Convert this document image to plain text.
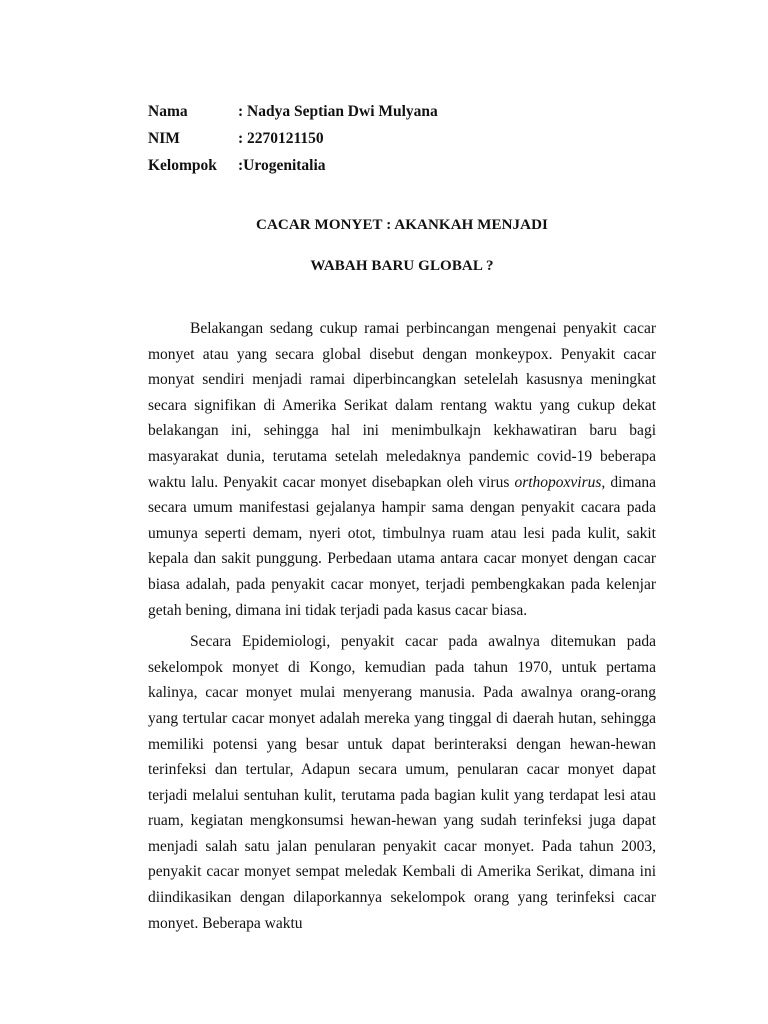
Nama	: Nadya Septian Dwi Mulyana
NIM	: 2270121150
Kelompok :Urogenitalia
CACAR MONYET : AKANKAH MENJADI
WABAH BARU GLOBAL ?

Belakangan sedang cukup ramai perbincangan mengenai penyakit cacar monyet atau yang secara global disebut dengan monkeypox. Penyakit cacar monyat sendiri menjadi ramai diperbincangkan setelelah kasusnya meningkat secara signifikan di Amerika Serikat dalam rentang waktu yang cukup dekat belakangan ini, sehingga hal ini menimbulkajn kekhawatiran baru bagi masyarakat dunia, terutama setelah meledaknya pandemic covid-19 beberapa waktu lalu. Penyakit cacar monyet disebapkan oleh virus orthopoxvirus, dimana secara umum manifestasi gejalanya hampir sama dengan penyakit cacara pada umunya seperti demam, nyeri otot, timbulnya ruam atau lesi pada kulit, sakit kepala dan sakit punggung. Perbedaan utama antara cacar monyet dengan cacar biasa adalah, pada penyakit cacar monyet, terjadi pembengkakan pada kelenjar getah bening, dimana ini tidak terjadi pada kasus cacar biasa.

Secara Epidemiologi, penyakit cacar pada awalnya ditemukan pada sekelompok monyet di Kongo, kemudian pada tahun 1970, untuk pertama kalinya, cacar monyet mulai menyerang manusia. Pada awalnya orang-orang yang tertular cacar monyet adalah mereka yang tinggal di daerah hutan, sehingga memiliki potensi yang besar untuk dapat berinteraksi dengan hewan-hewan terinfeksi dan tertular, Adapun secara umum, penularan cacar monyet dapat terjadi melalui sentuhan kulit, terutama pada bagian kulit yang terdapat lesi atau ruam, kegiatan mengkonsumsi hewan-hewan yang sudah terinfeksi juga dapat menjadi salah satu jalan penularan penyakit cacar monyet. Pada tahun 2003, penyakit cacar monyet sempat meledak Kembali di Amerika Serikat, dimana ini diindikasikan dengan dilaporkannya sekelompok orang yang terinfeksi cacar monyet. Beberapa waktu
